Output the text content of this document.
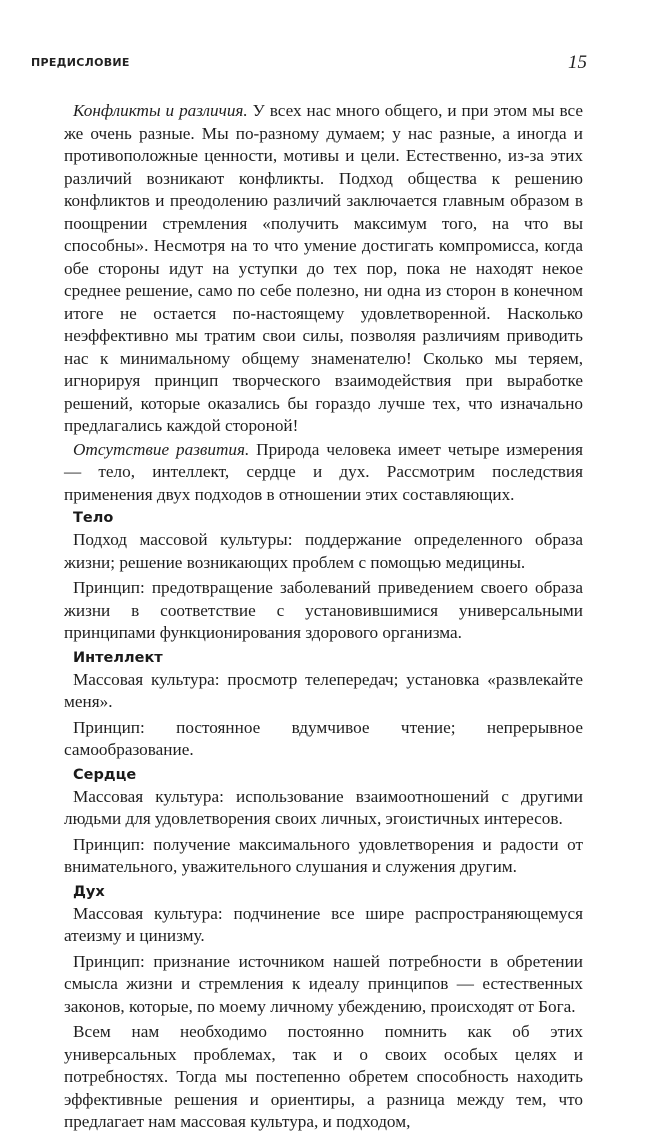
ПРЕДИСЛОВИЕ	15

Конфликты и различия. У всех нас много общего, и при этом мы все же очень разные. Мы по-разному думаем; у нас разные, а иногда и противоположные ценности, мотивы и цели. Естественно, из-за этих различий возникают конфликты. Подход общества к решению конфликтов и преодолению различий заключается главным образом в поощрении стремления «получить максимум того, на что вы способны». Несмотря на то что умение достигать компромисса, когда обе стороны идут на уступки до тех пор, пока не находят некое среднее решение, само по себе полезно, ни одна из сторон в конечном итоге не остается по-настоящему удовлетворенной. Насколько неэффективно мы тратим свои силы, позволяя различиям приводить нас к минимальному общему знаменателю! Сколько мы теряем, игнорируя принцип творческого взаимодействия при выработке решений, которые оказались бы гораздо лучше тех, что изначально предлагались каждой стороной!

Отсутствие развития. Природа человека имеет четыре измерения — тело, интеллект, сердце и дух. Рассмотрим последствия применения двух подходов в отношении этих составляющих.

Тело

Подход массовой культуры: поддержание определенного образа жизни; решение возникающих проблем с помощью медицины.

Принцип: предотвращение заболеваний приведением своего образа жизни в соответствие с установившимися универсальными принципами функционирования здорового организма.

Интеллект

Массовая культура: просмотр телепередач; установка «развлекайте меня».

Принцип: постоянное вдумчивое чтение; непрерывное самообразование.

Сердце

Массовая культура: использование взаимоотношений с другими людьми для удовлетворения своих личных, эгоистичных интересов.

Принцип: получение максимального удовлетворения и радости от внимательного, уважительного слушания и служения другим.

Дух

Массовая культура: подчинение все шире распространяющемуся атеизму и цинизму.

Принцип: признание источником нашей потребности в обретении смысла жизни и стремления к идеалу принципов — естественных законов, которые, по моему личному убеждению, происходят от Бога.

Всем нам необходимо постоянно помнить как об этих универсальных проблемах, так и о своих особых целях и потребностях. Тогда мы постепенно обретем способность находить эффективные решения и ориентиры, а разница между тем, что предлагает нам массовая культура, и подходом,
